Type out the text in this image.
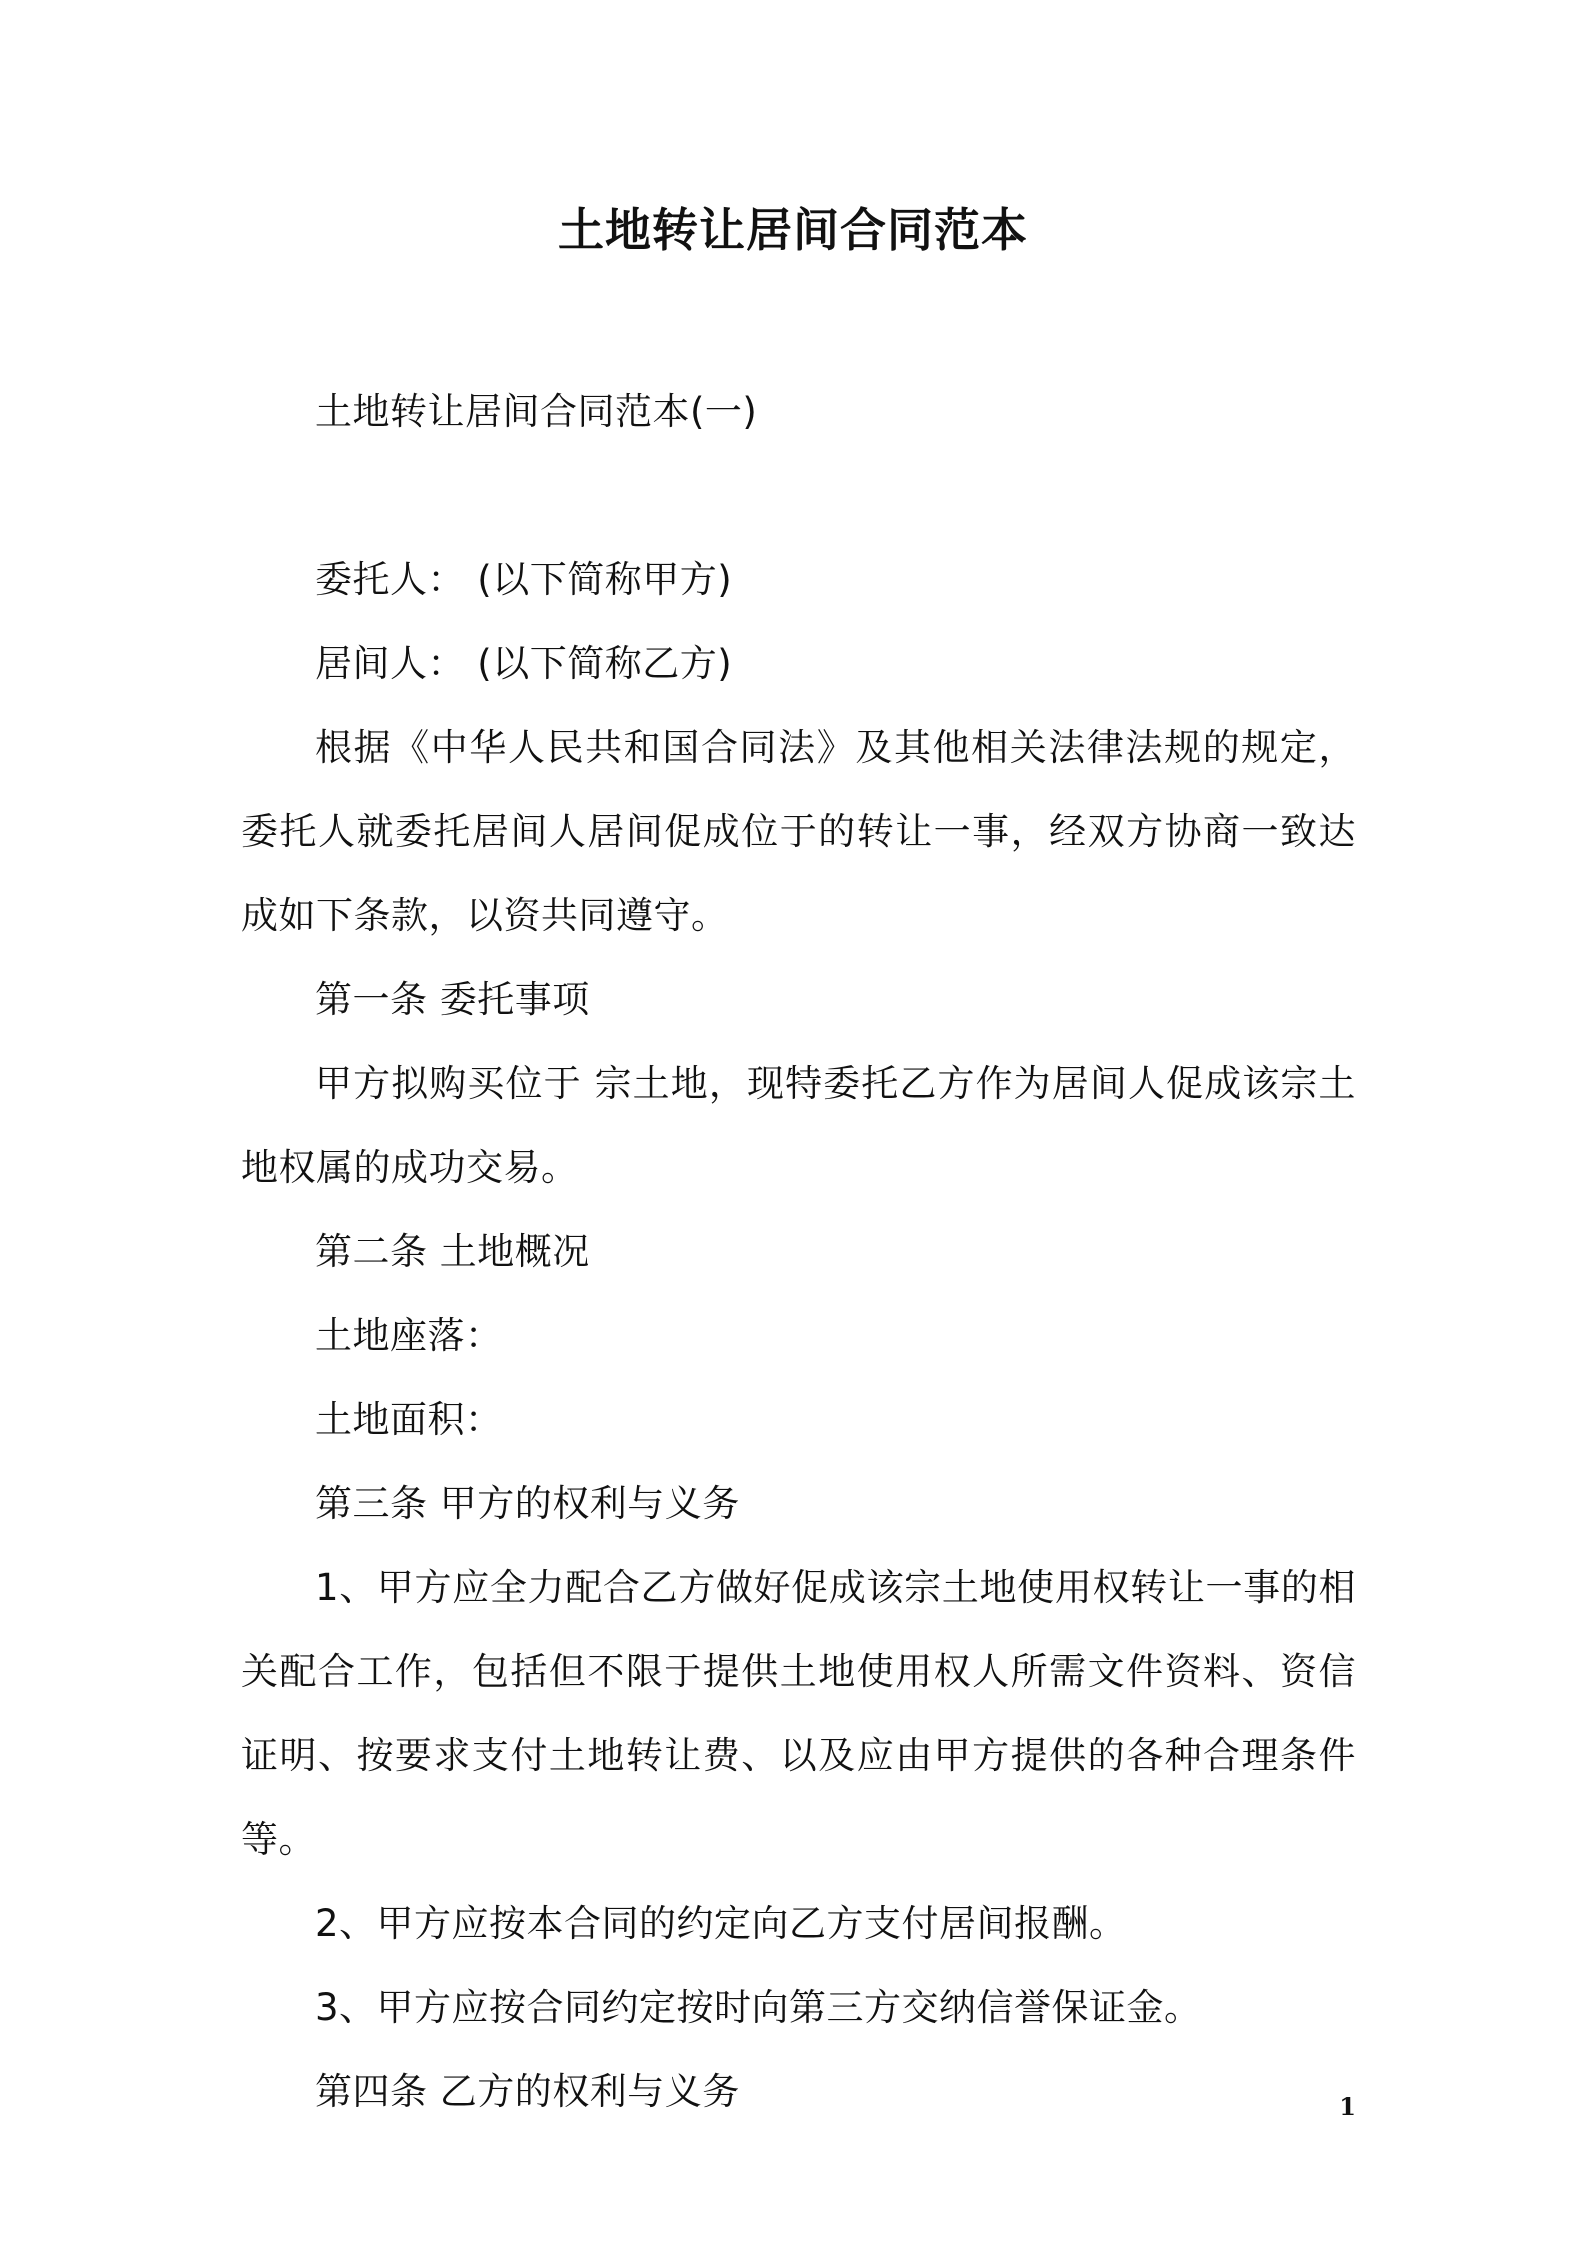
土地转让居间合同范本

土地转让居间合同范本(一)

委托人： (以下简称甲方)

居间人： (以下简称乙方)

根据《中华人民共和国合同法》及其他相关法律法规的规定，委托人就委托居间人居间促成位于的转让一事，经双方协商一致达成如下条款，以资共同遵守。

第一条 委托事项

甲方拟购买位于 宗土地，现特委托乙方作为居间人促成该宗土地权属的成功交易。

第二条 土地概况

土地座落：

土地面积：

第三条 甲方的权利与义务

1、甲方应全力配合乙方做好促成该宗土地使用权转让一事的相关配合工作，包括但不限于提供土地使用权人所需文件资料、资信证明、按要求支付土地转让费、以及应由甲方提供的各种合理条件等。

2、甲方应按本合同的约定向乙方支付居间报酬。

3、甲方应按合同约定按时向第三方交纳信誉保证金。

第四条 乙方的权利与义务	1
